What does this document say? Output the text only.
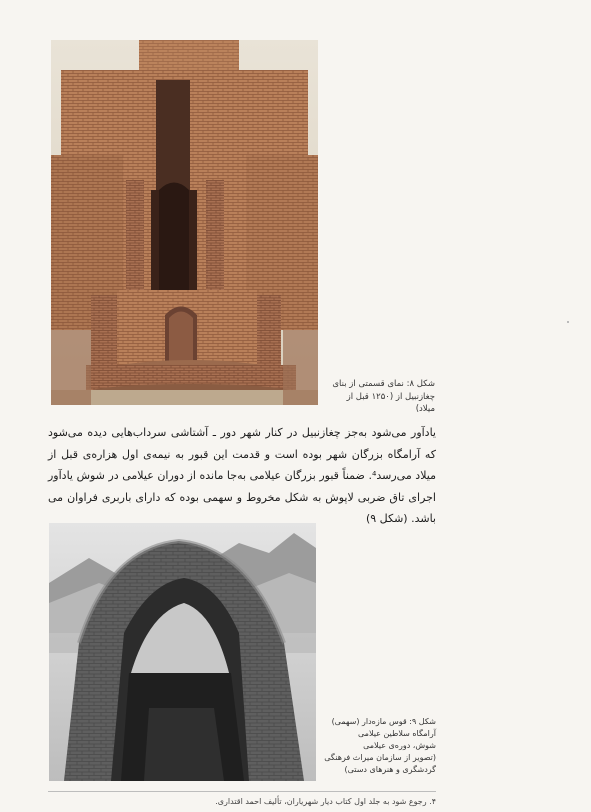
شکل ۸: نمای قسمتی از بنای
چغازنبیل از (۱۲۵۰ قبل از میلاد)
یادآور می‌شود به‌جز چغازنبیل در کنار شهر دور ـ آشتاشی سرداب‌هایی دیده می‌شود که آرامگاه بزرگان شهر بوده است و قدمت این قبور به نیمه‌ی اول هزاره‌ی قبل از میلاد می‌رسد⁴. ضمناً قبور بزرگان عیلامی به‌جا مانده از دوران عیلامی در شوش یادآور اجرای تاق ضربی لاپوش به شکل مخروط و سهمی بوده که دارای باربری فراوان می باشد. (شکل ۹)
شکل ۹: قوس مازه‌دار (سهمی)
آرامگاه سلاطین عیلامی
شوش، دوره‌ی عیلامی
(تصویر از سازمان میراث فرهنگی
گردشگری و هنرهای دستی)
۴. رجوع شود به جلد اول کتاب دیار شهریاران، تألیف احمد اقتداری.
